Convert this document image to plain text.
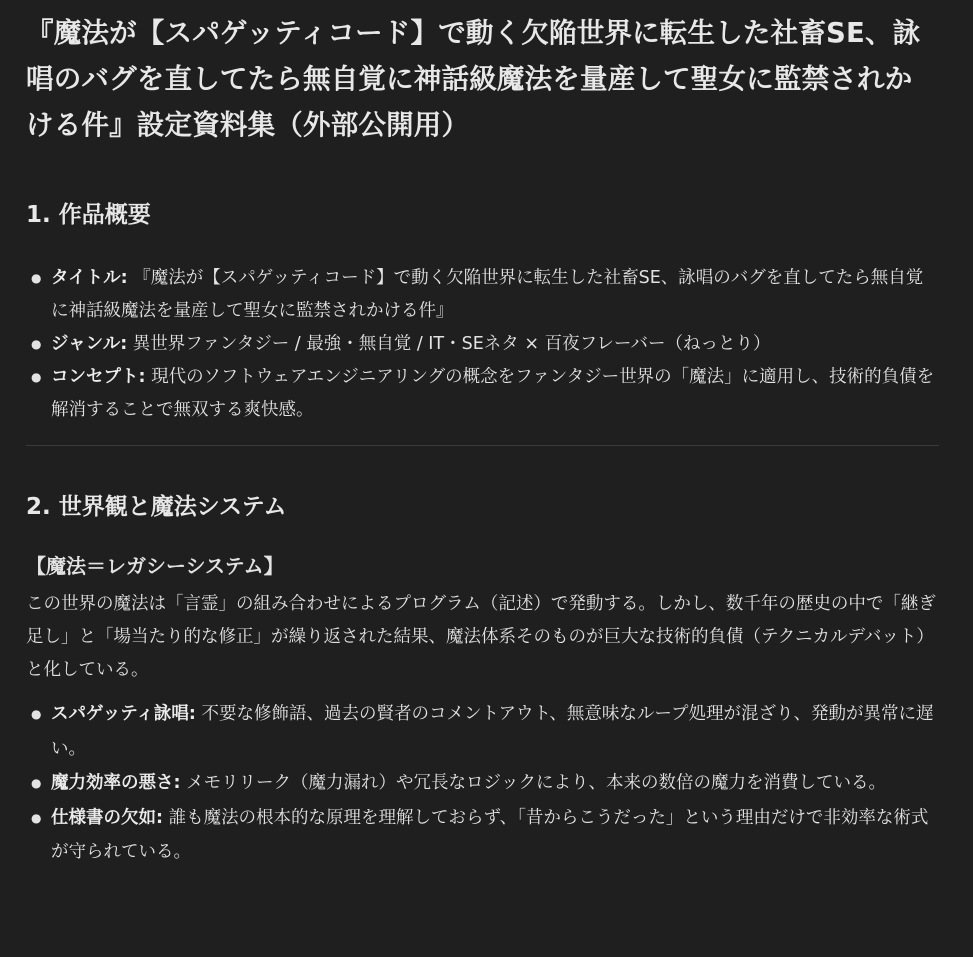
『魔法が【スパゲッティコード】で動く欠陥世界に転生した社畜SE、詠唱のバグを直してたら無自覚に神話級魔法を量産して聖女に監禁されかける件』設定資料集（外部公開用）
1. 作品概要
● タイトル: 『魔法が【スパゲッティコード】で動く欠陥世界に転生した社畜SE、詠唱のバグを直してたら無自覚に神話級魔法を量産して聖女に監禁されかける件』
● ジャンル: 異世界ファンタジー / 最強・無自覚 / IT・SEネタ × 百夜フレーバー（ねっとり）
● コンセプト: 現代のソフトウェアエンジニアリングの概念をファンタジー世界の「魔法」に適用し、技術的負債を解消することで無双する爽快感。
2. 世界観と魔法システム
【魔法＝レガシーシステム】

この世界の魔法は「言霊」の組み合わせによるプログラム（記述）で発動する。しかし、数千年の歴史の中で「継ぎ足し」と「場当たり的な修正」が繰り返された結果、魔法体系そのものが巨大な技術的負債（テクニカルデバット）と化している。

● スパゲッティ詠唱: 不要な修飾語、過去の賢者のコメントアウト、無意味なループ処理が混ざり、発動が異常に遅い。
● 魔力効率の悪さ: メモリリーク（魔力漏れ）や冗長なロジックにより、本来の数倍の魔力を消費している。
● 仕様書の欠如: 誰も魔法の根本的な原理を理解しておらず、「昔からこうだった」という理由だけで非効率な術式が守られている。
